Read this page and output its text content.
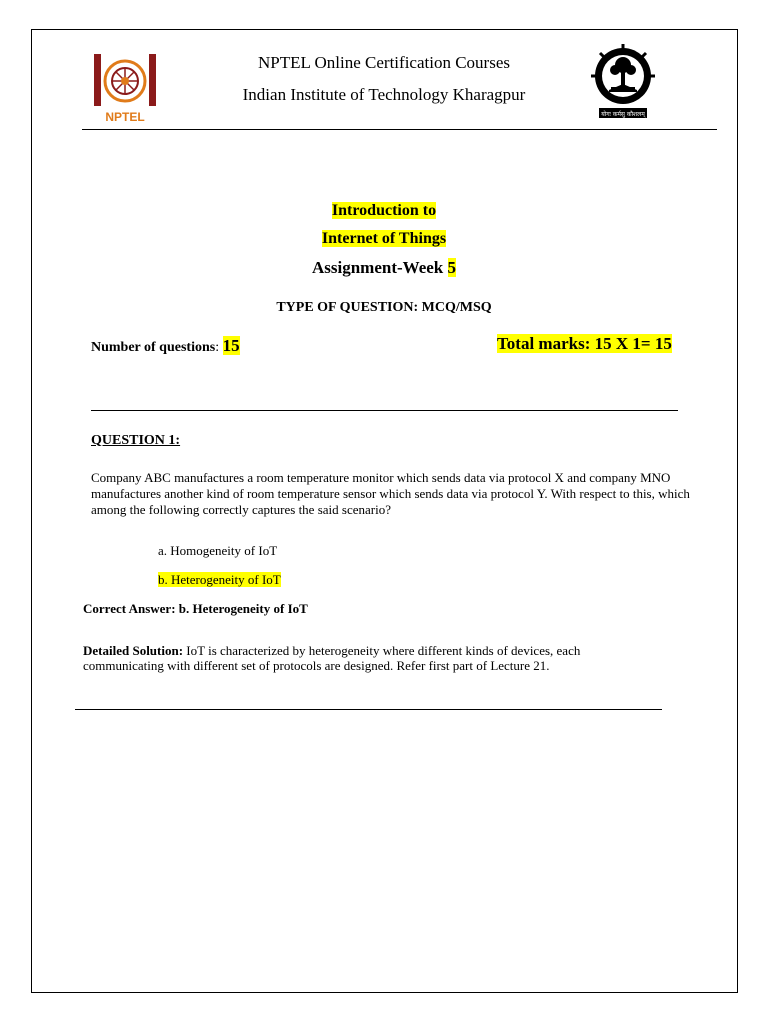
NPTEL	योगः कर्मसु कौशलम्
NPTEL Online Certification Courses
Indian Institute of Technology Kharagpur
Introduction to
Internet of Things
Assignment-Week 5
TYPE OF QUESTION: MCQ/MSQ
Number of questions: 15	Total marks: 15 X 1= 15
QUESTION 1:
Company ABC manufactures a room temperature monitor which sends data via protocol X and company MNO manufactures another kind of room temperature sensor which sends data via protocol Y. With respect to this, which among the following correctly captures the said scenario?
a. Homogeneity of IoT
b. Heterogeneity of IoT
Correct Answer: b. Heterogeneity of IoT
Detailed Solution: IoT is characterized by heterogeneity where different kinds of devices, each communicating with different set of protocols are designed. Refer first part of Lecture 21.
